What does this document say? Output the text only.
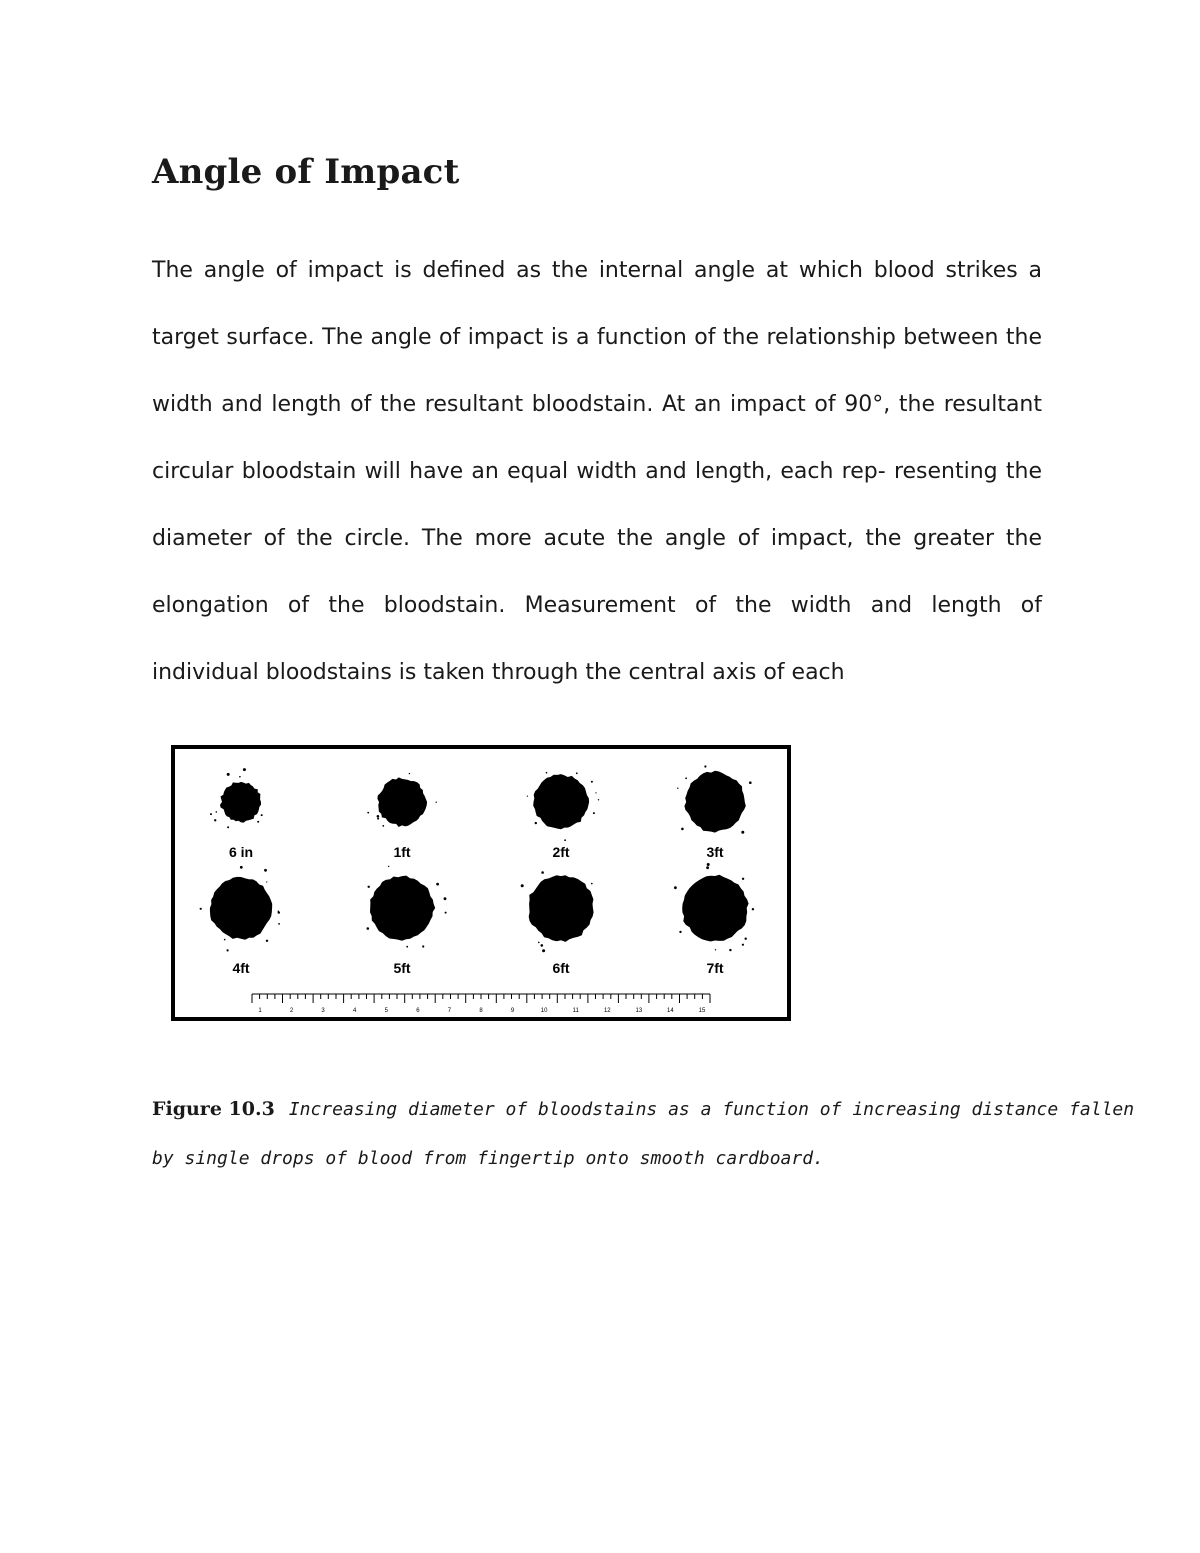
Angle of Impact
The angle of impact is defined as the internal angle at which blood strikes a
target surface. The angle of impact is a function of the relationship between the
width and length of the resultant bloodstain. At an impact of 90°, the resultant
circular bloodstain will have an equal width and length, each rep- resenting the
diameter of the circle. The more acute the angle of impact, the greater the
elongation of the bloodstain. Measurement of the width and length of
individual bloodstains is taken through the central axis of each
6 in	1ft	2ft	3ft
4ft	5ft	6ft	7ft
1	2	3	4	5	6	7	8	9	10	11	12	13	14	15
Figure 10.3 Increasing diameter of bloodstains as a function of increasing distance fallen
by single drops of blood from fingertip onto smooth cardboard.
